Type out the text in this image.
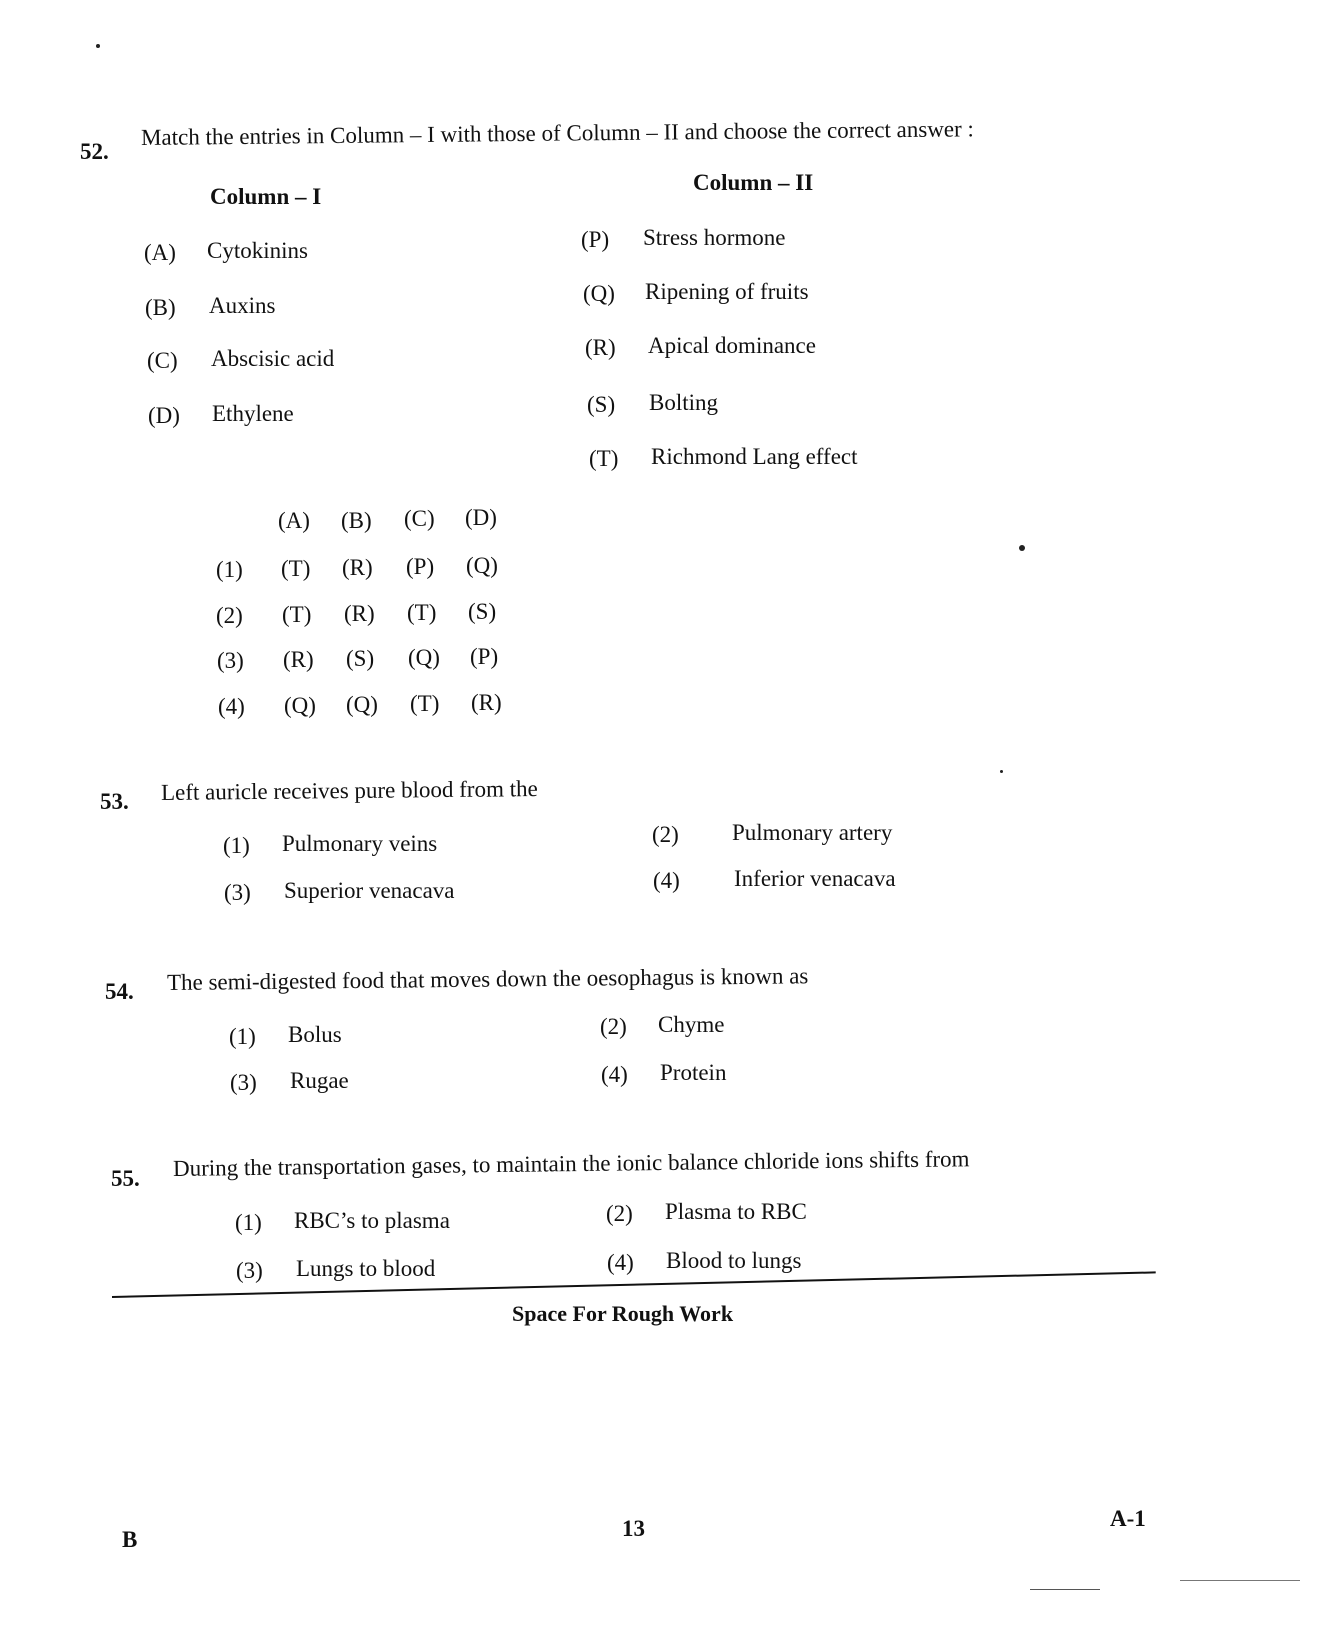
52.
Match the entries in Column – I with those of Column – II and choose the correct answer :
Column – I
Column – II
(A) Cytokinins
(B) Auxins
(C) Abscisic acid
(D) Ethylene
(P) Stress hormone
(Q) Ripening of fruits
(R) Apical dominance
(S) Bolting
(T) Richmond Lang effect
(A) (B) (C) (D)
(1) (T) (R) (P) (Q)
(2) (T) (R) (T) (S)
(3) (R) (S) (Q) (P)
(4) (Q) (Q) (T) (R)
53. Left auricle receives pure blood from the
(1) Pulmonary veins	(2) Pulmonary artery
(3) Superior venacava	(4) Inferior venacava
54. The semi-digested food that moves down the oesophagus is known as
(1) Bolus	(2) Chyme
(3) Rugae	(4) Protein
55. During the transportation gases, to maintain the ionic balance chloride ions shifts from
(1) RBC’s to plasma	(2) Plasma to RBC
(3) Lungs to blood	(4) Blood to lungs
Space For Rough Work
B	13	A-1
